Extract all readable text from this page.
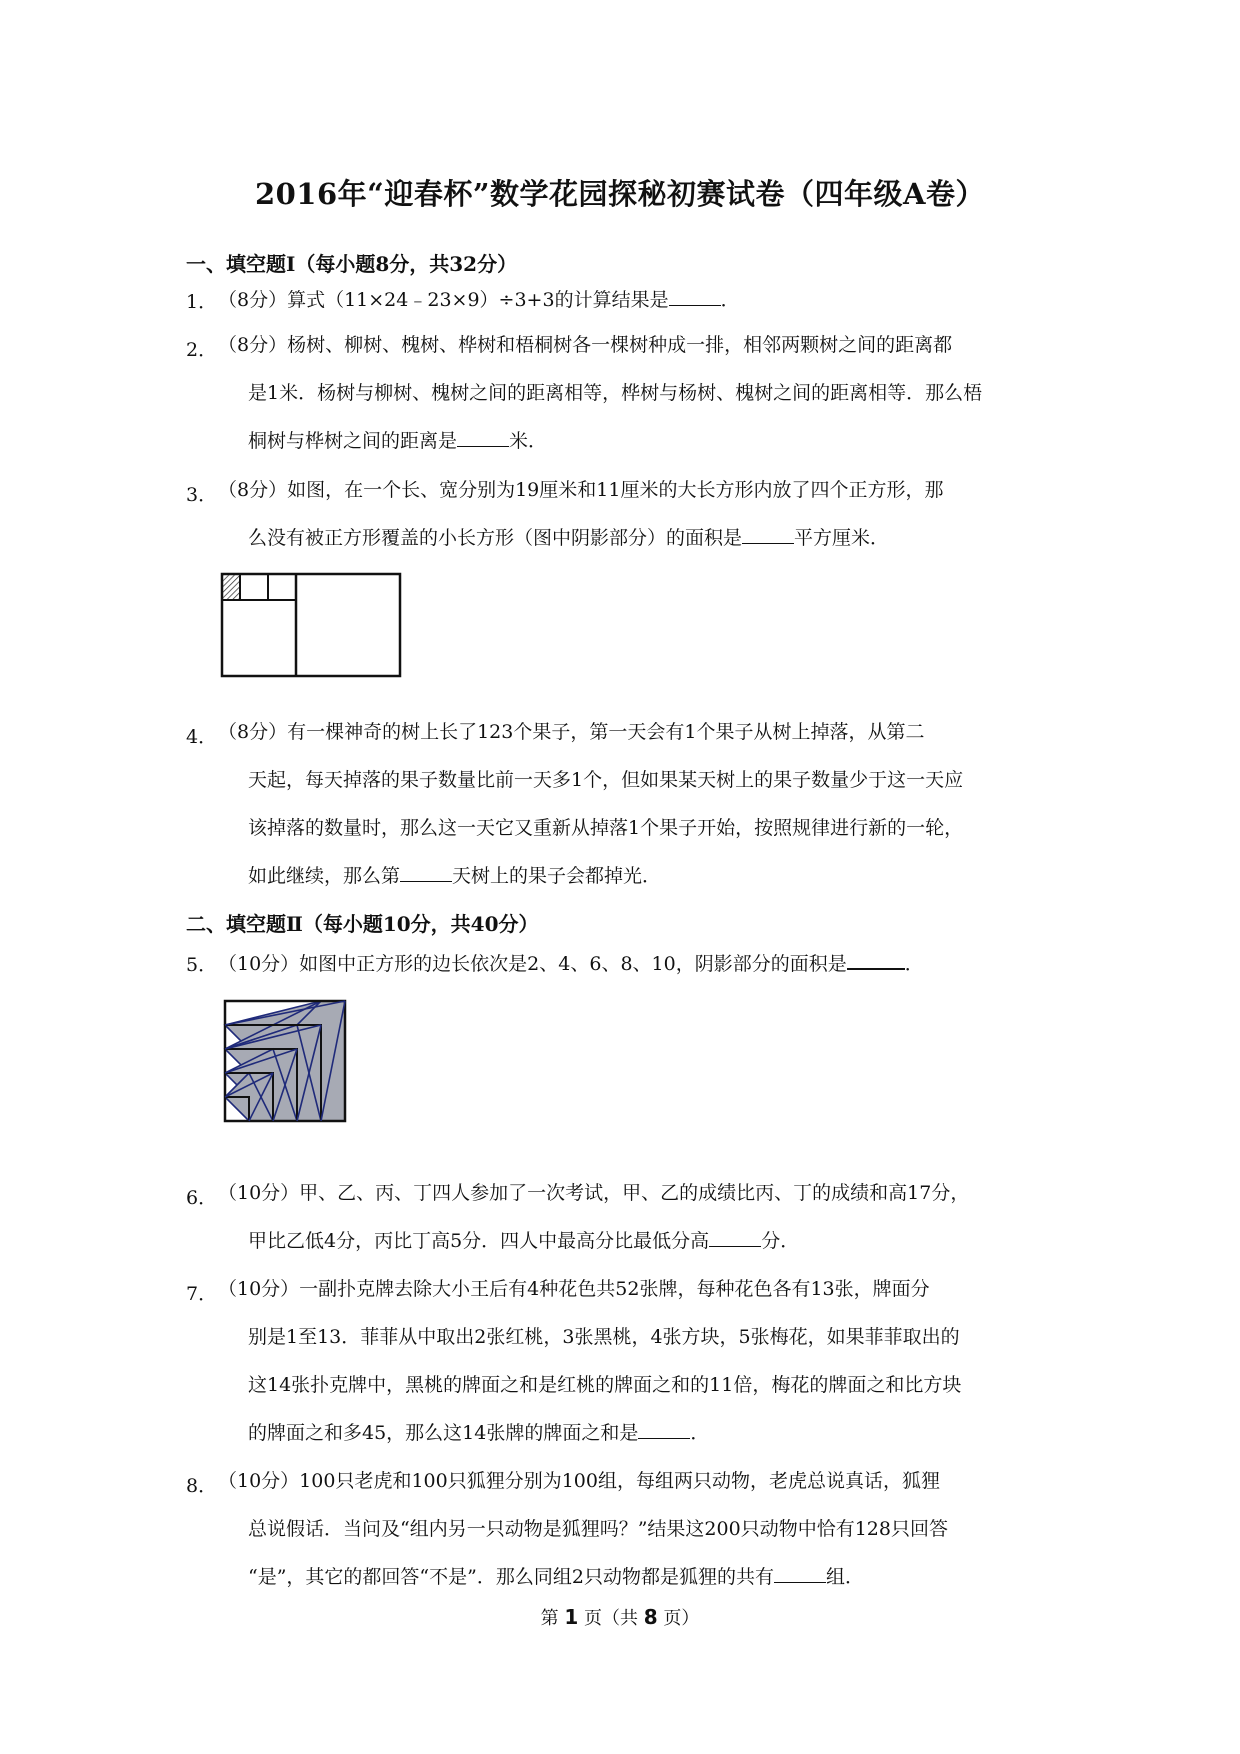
2016年“迎春杯”数学花园探秘初赛试卷（四年级A卷）
一、填空题Ⅰ（每小题8分，共32分）
1． （8分）算式（11×24﹣23×9）÷3+3的计算结果是	．
2． （8分）杨树、柳树、槐树、桦树和梧桐树各一棵树种成一排，相邻两颗树之间的距离都
是1米．杨树与柳树、槐树之间的距离相等，桦树与杨树、槐树之间的距离相等．那么梧
桐树与桦树之间的距离是	米．
3． （8分）如图，在一个长、宽分别为19厘米和11厘米的大长方形内放了四个正方形，那
么没有被正方形覆盖的小长方形（图中阴影部分）的面积是	平方厘米．
4． （8分）有一棵神奇的树上长了123个果子，第一天会有1个果子从树上掉落，从第二
天起，每天掉落的果子数量比前一天多1个，但如果某天树上的果子数量少于这一天应
该掉落的数量时，那么这一天它又重新从掉落1个果子开始，按照规律进行新的一轮，
如此继续，那么第	天树上的果子会都掉光．
二、填空题Ⅱ（每小题10分，共40分）
5． （10分）如图中正方形的边长依次是2、4、6、8、10，阴影部分的面积是	．
6． （10分）甲、乙、丙、丁四人参加了一次考试，甲、乙的成绩比丙、丁的成绩和高17分，
甲比乙低4分，丙比丁高5分．四人中最高分比最低分高	分．
7． （10分）一副扑克牌去除大小王后有4种花色共52张牌，每种花色各有13张，牌面分
别是1至13．菲菲从中取出2张红桃，3张黑桃，4张方块，5张梅花，如果菲菲取出的
这14张扑克牌中，黑桃的牌面之和是红桃的牌面之和的11倍，梅花的牌面之和比方块
的牌面之和多45，那么这14张牌的牌面之和是	．
8． （10分）100只老虎和100只狐狸分别为100组，每组两只动物，老虎总说真话，狐狸
总说假话．当问及“组内另一只动物是狐狸吗？”结果这200只动物中恰有128只回答
“是”，其它的都回答“不是”．那么同组2只动物都是狐狸的共有	组．
第 1 页（共 8 页）
